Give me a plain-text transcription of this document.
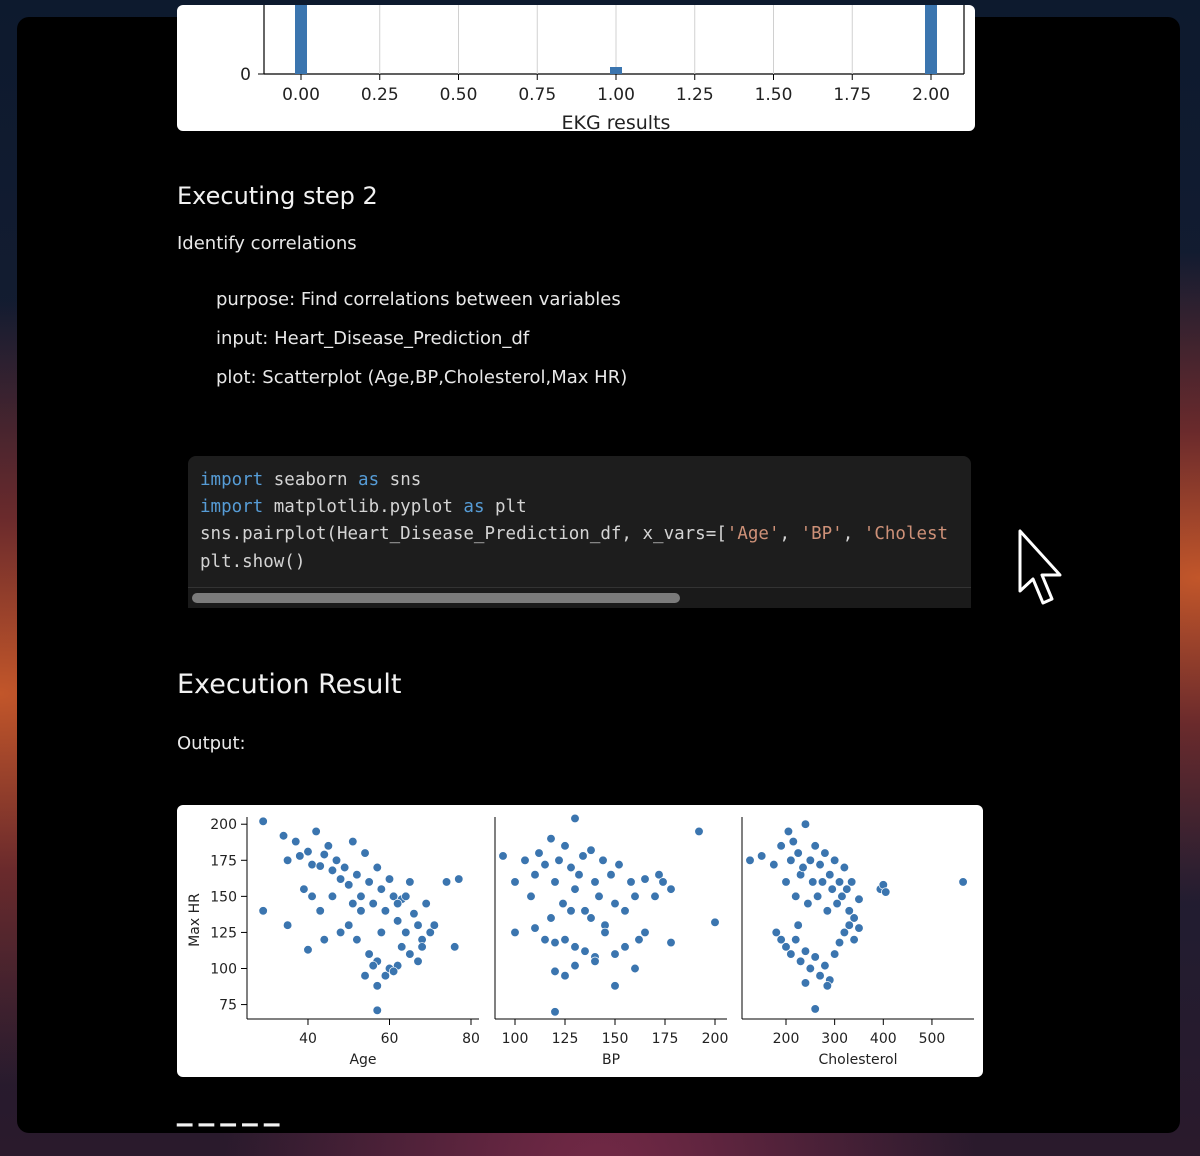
0
0.00 0.25 0.50 0.75 1.00 1.25 1.50 1.75 2.00
EKG results
Executing step 2
Identify correlations
purpose: Find correlations between variables
input: Heart_Disease_Prediction_df
plot: Scatterplot (Age,BP,Cholesterol,Max HR)
import seaborn as sns
import matplotlib.pyplot as plt
sns.pairplot(Heart_Disease_Prediction_df, x_vars=['Age', 'BP', 'Cholest
plt.show()
Execution Result
Output:
Max HR
200
175
150
125
100
75
40	60	80
Age
100 125 150 175 200
BP
200 300 400 500
Cholesterol
▔ ▔ ▔ ▔ ▔
